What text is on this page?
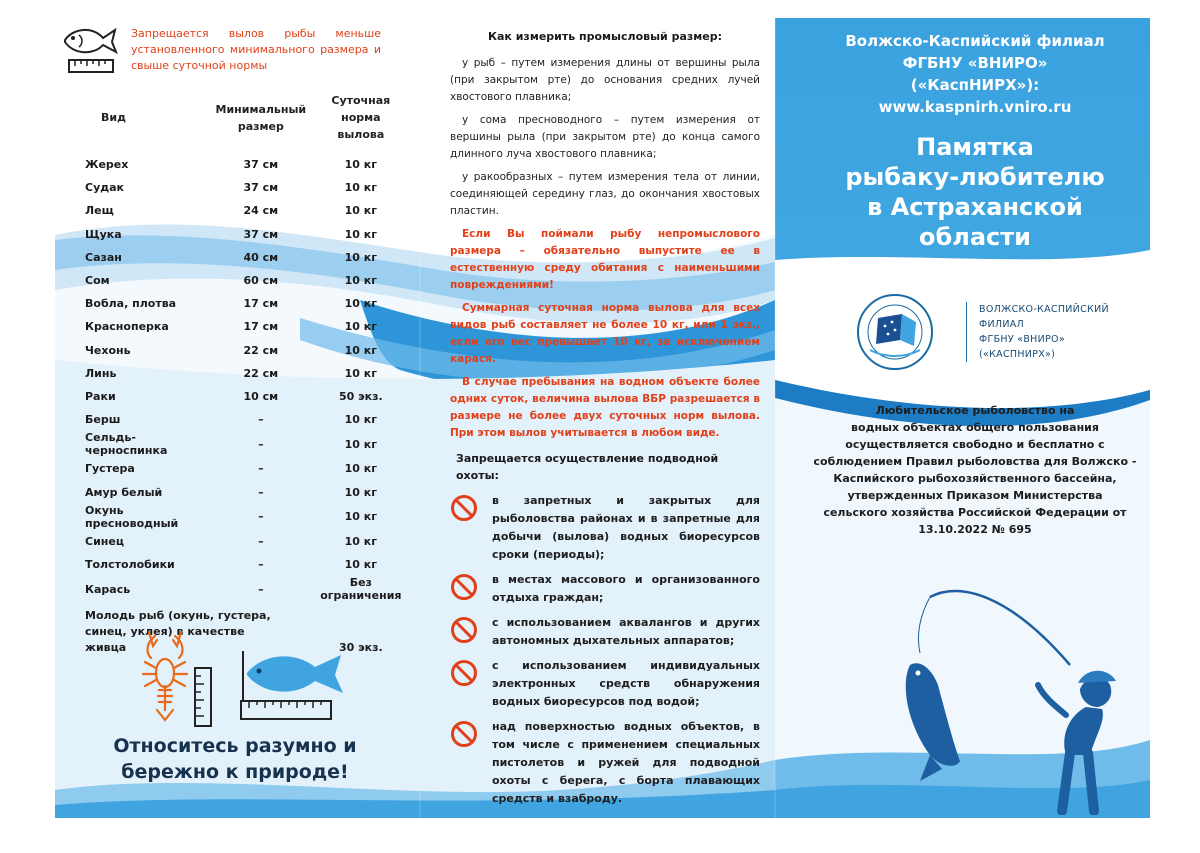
Запрещается вылов рыбы меньше установленного минимального размера и свыше суточной нормы
Вид	Минимальный размер	Суточная норма вылова
Жерех	37 см	10 кг
Судак	37 см	10 кг
Лещ	24 см	10 кг
Щука	37 см	10 кг
Сазан	40 см	10 кг
Сом	60 см	10 кг
Вобла, плотва	17 см	10 кг
Красноперка	17 см	10 кг
Чехонь	22 см	10 кг
Линь	22 см	10 кг
Раки	10 см	50 экз.
Берш	–	10 кг
Сельдь-черноспинка	–	10 кг
Густера	–	10 кг
Амур белый	–	10 кг
Окунь пресноводный	–	10 кг
Синец	–	10 кг
Толстолобики	–	10 кг
Карась	–	Без ограничения
Молодь рыб (окунь, густера, синец, уклея) в качестве живца		30 экз.
Относитесь разумно и бережно к природе!
Как измерить промысловый размер:
у рыб – путем измерения длины от вершины рыла (при закрытом рте) до основания средних лучей хвостового плавника;
у сома пресноводного – путем измерения от вершины рыла (при закрытом рте) до конца самого длинного луча хвостового плавника;
у ракообразных – путем измерения тела от линии, соединяющей середину глаз, до окончания хвостовых пластин.
Если Вы поймали рыбу непромыслового размера – обязательно выпустите ее в естественную среду обитания с наименьшими повреждениями!
Суммарная суточная норма вылова для всех видов рыб составляет не более 10 кг, или 1 экз., если его вес превышает 10 кг, за исключением карася.
В случае пребывания на водном объекте более одних суток, величина вылова ВБР разрешается в размере не более двух суточных норм вылова. При этом вылов учитывается в любом виде.
Запрещается осуществление подводной охоты:
в запретных и закрытых для рыболовства районах и в запретные для добычи (вылова) водных биоресурсов сроки (периоды);
в местах массового и организованного отдыха граждан;
с использованием аквалангов и других автономных дыхательных аппаратов;
с использованием индивидуальных электронных средств обнаружения водных биоресурсов под водой;
над поверхностью водных объектов, в том числе с применением специальных пистолетов и ружей для подводной охоты с берега, с борта плавающих средств и взаброду.
Волжско-Каспийский филиал
ФГБНУ «ВНИРО»
(«КаспНИРХ»):
www.kaspnirh.vniro.ru
Памятка
рыбаку-любителю
в Астраханской
области
ВОЛЖСКО-КАСПИЙСКИЙ
ФИЛИАЛ
ФГБНУ «ВНИРО»
(«КАСПНИРХ»)
Любительское рыболовство на
водных объектах общего пользования
осуществляется свободно и бесплатно с
соблюдением Правил рыболовства для Волжско -
Каспийского рыбохозяйственного бассейна,
утвержденных Приказом Министерства
сельского хозяйства Российской Федерации от
13.10.2022 № 695
